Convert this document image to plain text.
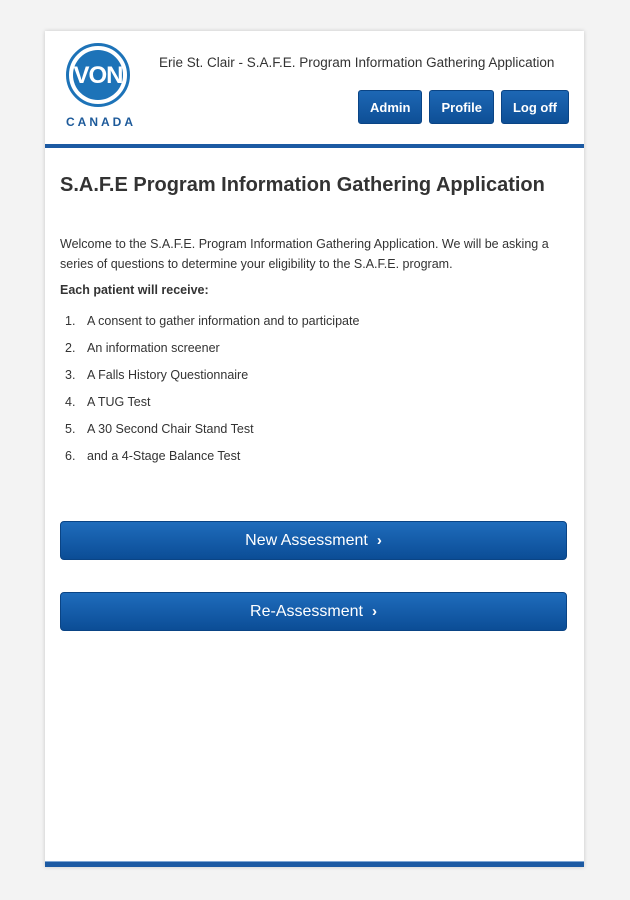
VON
CANADA
Erie St. Clair - S.A.F.E. Program Information Gathering Application
Admin	Profile	Log off
S.A.F.E Program Information Gathering Application
Welcome to the S.A.F.E. Program Information Gathering Application. We will be asking a series of questions to determine your eligibility to the S.A.F.E. program.
Each patient will receive:
1. A consent to gather information and to participate
2. An information screener
3. A Falls History Questionnaire
4. A TUG Test
5. A 30 Second Chair Stand Test
6. and a 4-Stage Balance Test
New Assessment ›
Re-Assessment ›
